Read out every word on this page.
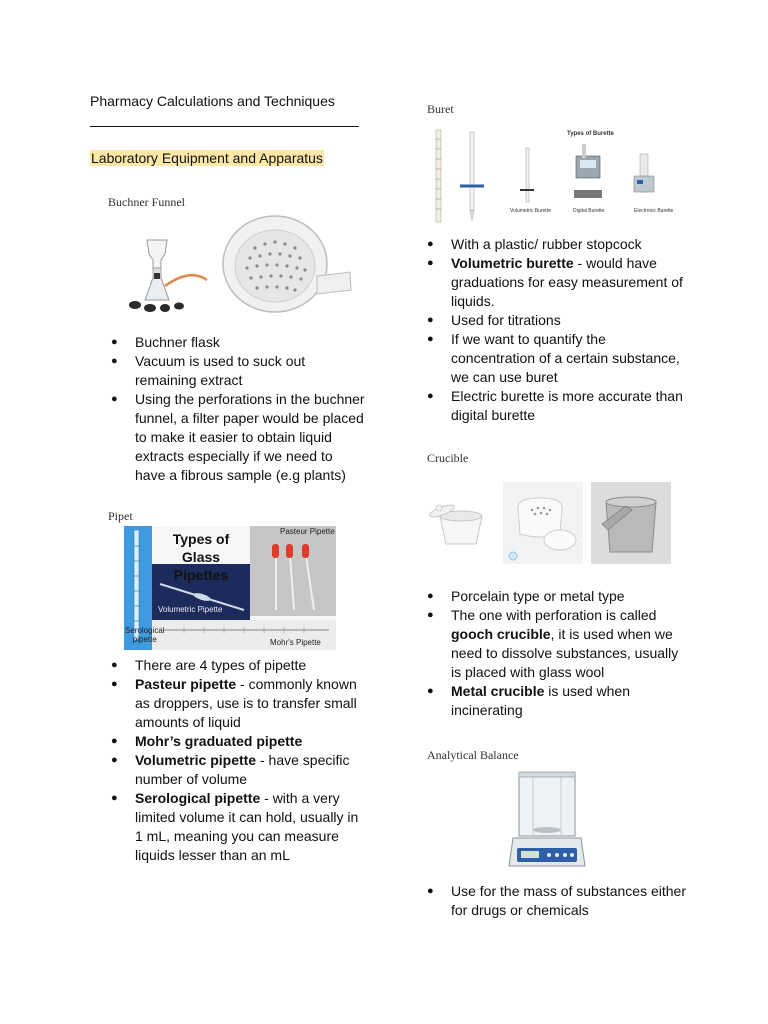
Pharmacy Calculations and Techniques
Laboratory Equipment and Apparatus
Buchner Funnel
● Buchner flask
● Vacuum is used to suck out remaining extract
● Using the perforations in the buchner funnel, a filter paper would be placed to make it easier to obtain liquid extracts especially if we need to have a fibrous sample (e.g plants)
Pipet
Types of Glass
Pipettes
Pasteur Pipette
Volumetric Pipette
Serological
pipette	Mohr's Pipette
● There are 4 types of pipette
● Pasteur pipette - commonly known as droppers, use is to transfer small amounts of liquid
● Mohr’s graduated pipette
● Volumetric pipette - have specific number of volume
● Serological pipette - with a very limited volume it can hold, usually in 1 mL, meaning you can measure liquids lesser than an mL
Buret
Types of Burette
Volumetric Burette	Digital Burette	Electronic Burette
● With a plastic/ rubber stopcock
● Volumetric burette - would have graduations for easy measurement of liquids.
● Used for titrations
● If we want to quantify the concentration of a certain substance, we can use buret
● Electric burette is more accurate than digital burette
Crucible
● Porcelain type or metal type
● The one with perforation is called gooch crucible, it is used when we need to dissolve substances, usually is placed with glass wool
● Metal crucible is used when incinerating
Analytical Balance
● Use for the mass of substances either for drugs or chemicals
